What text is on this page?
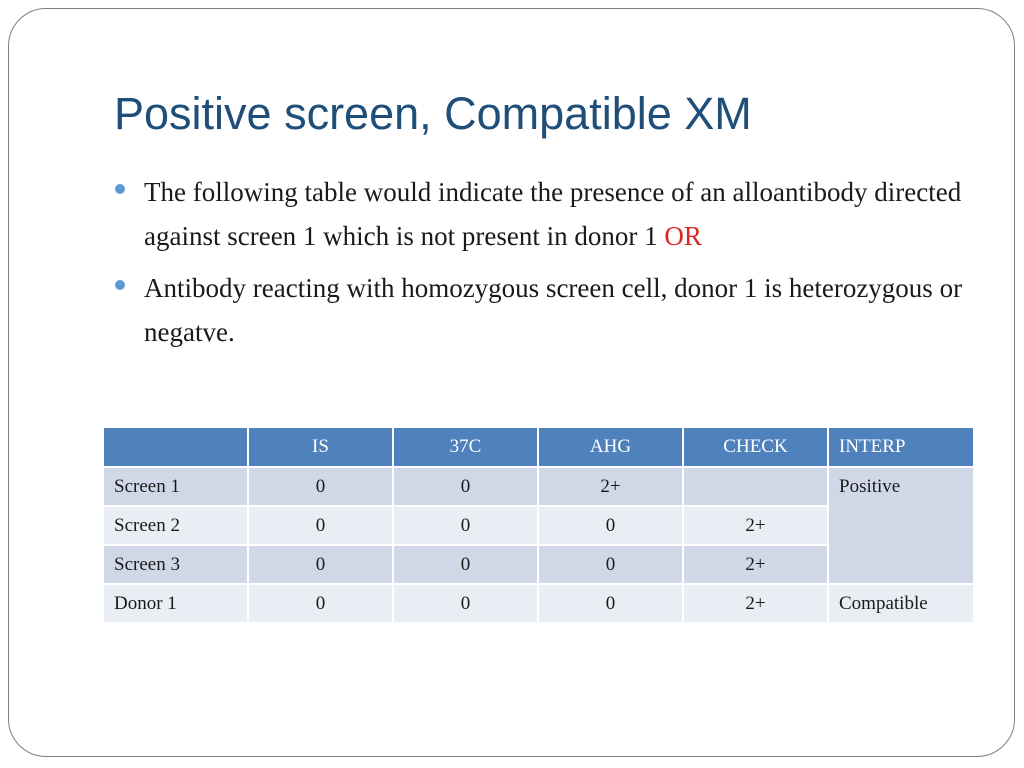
Positive screen, Compatible XM
The following table would indicate the presence of an alloantibody directed against screen 1 which is not present in donor 1 OR
Antibody reacting with homozygous screen cell, donor 1 is heterozygous or negatve.
	IS	37C	AHG	CHECK	INTERP
Screen 1	0	0	2+		Positive
Screen 2	0	0	0	2+	
Screen 3	0	0	0	2+	
Donor 1	0	0	0	2+	Compatible
